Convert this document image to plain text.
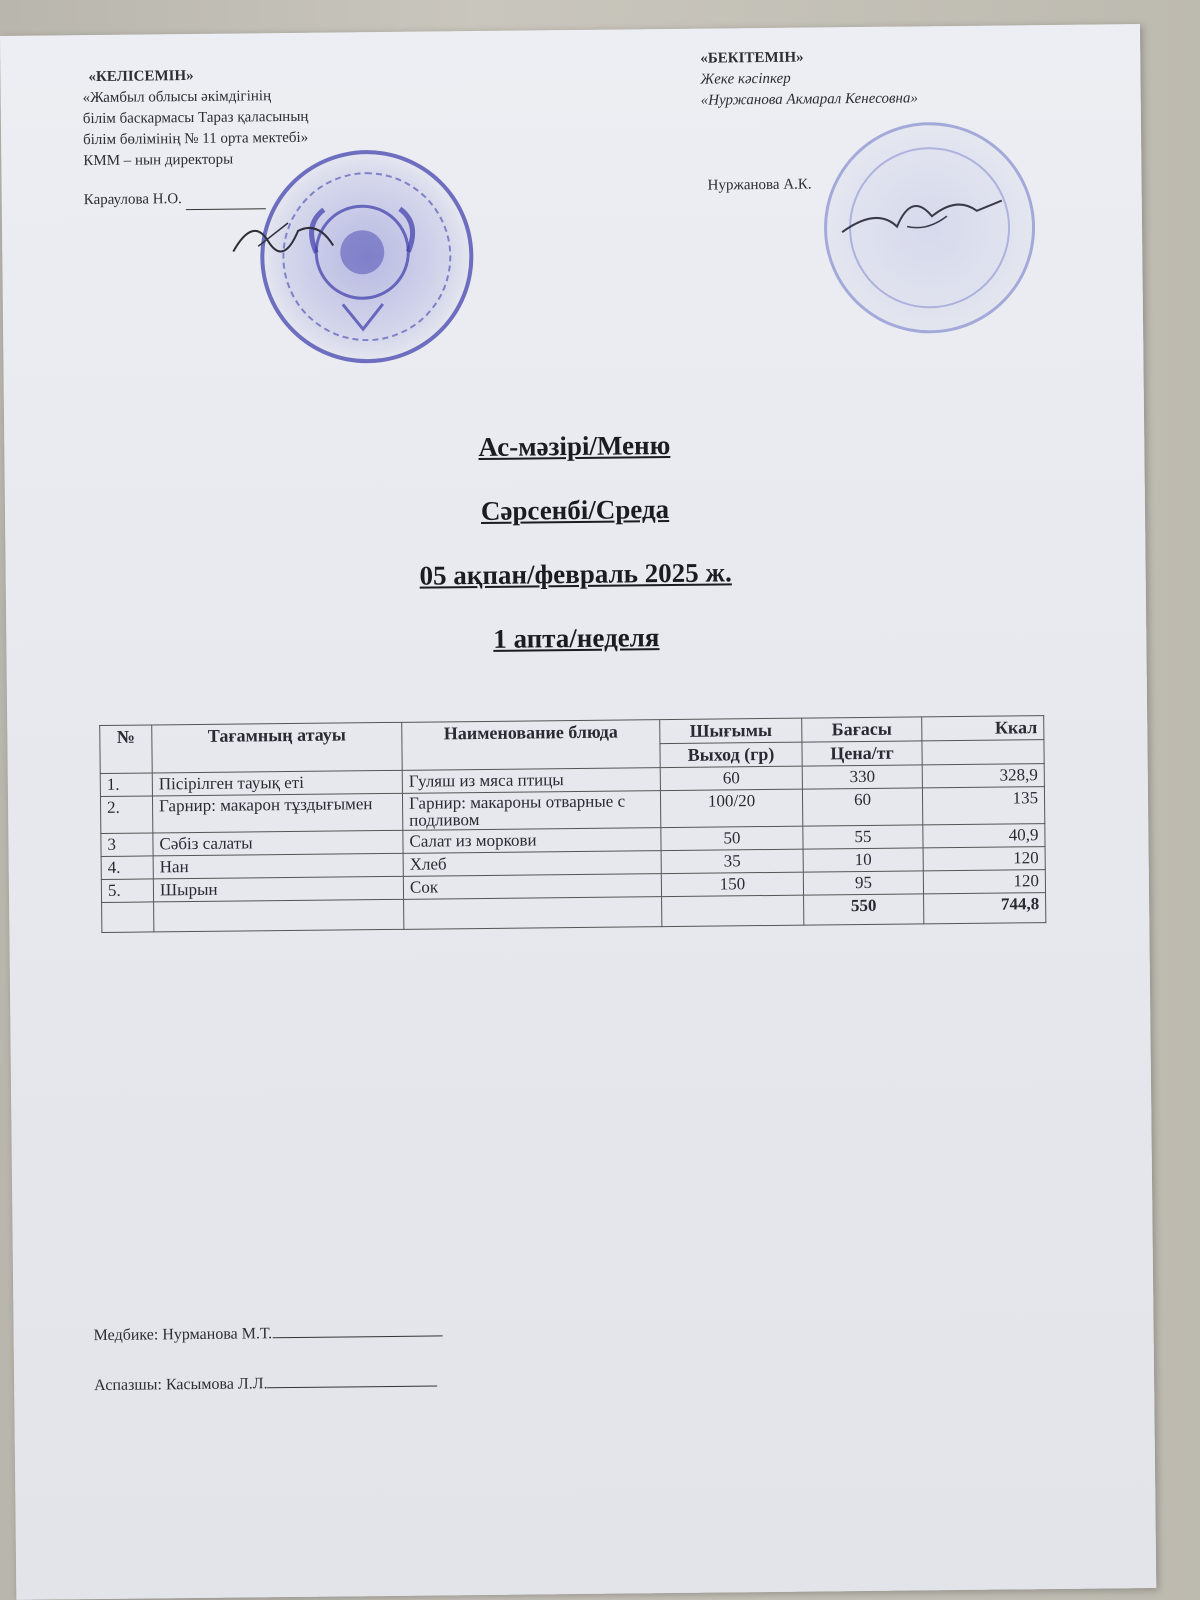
«КЕЛІСЕМІН»
«Жамбыл облысы әкімдігінің
білім баскармасы Тараз қаласының
білім бөлімінің № 11 орта мектебі»
КММ – нын директоры
Караулова Н.О.
«БЕКІТЕМІН»
Жеке кәсіпкер
«Нуржанова Акмарал Кенесовна»
Нуржанова А.К.
Ас-мәзірі/Меню
Сәрсенбі/Среда
05 ақпан/февраль 2025 ж.
1 апта/неделя
№	Тағамның атауы	Наименование блюда	Шығымы	Бағасы	Ккал
			Выход (гр)	Цена/тг	
1.	Пісірілген тауық еті	Гуляш из мяса птицы	60	330	328,9
2.	Гарнир: макарон тұздығымен	Гарнир: макароны отварные с подливом	100/20	60	135
3	Сәбіз салаты	Салат из моркови	50	55	40,9
4.	Нан	Хлеб	35	10	120
5.	Шырын	Сок	150	95	120
				550	744,8
Медбике: Нурманова М.Т.
Аспазшы: Касымова Л.Л.
